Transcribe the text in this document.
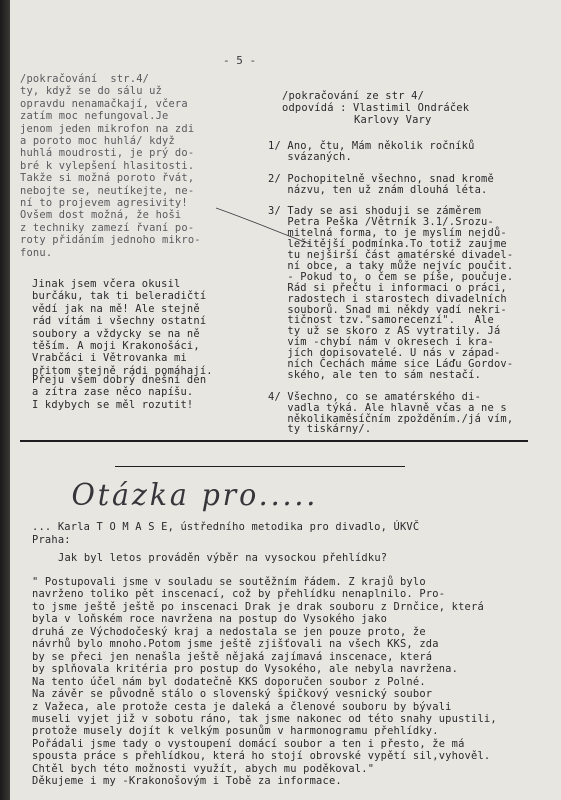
- 5 -
/pokračování  str.4/
ty, když se do sálu už
opravdu nenamačkají, včera
zatím moc nefungoval.Je
jenom jeden mikrofon na zdi
a poroto moc huhlá/ když
huhlá moudrosti, je prý do-
bré k vylepšení hlasitosti.
Takže si možná poroto řvát,
nebojte se, neutíkejte, ne-
ní to projevem agresivity!
Ovšem dost možná, že hoši
z techniky zamezí řvaní po-
roty přidáním jednoho mikro-
fonu.
Jinak jsem včera okusil
burčáku, tak ti beleradičtí
vědí jak na mě! Ale stejně
rád vítám i všechny ostatní
soubory a vždycky se na ně
těším. A moji Krakonošáci,
Vrabčáci i Větrovanka mi
přitom stejně rádi pomáhají.
Přeju všem dobrý dnešní den
a zítra zase něco napíšu.
I kdybych se měl rozutit!
/pokračování ze str 4/
odpovídá : Vlastimil Ondráček
Karlovy Vary
1/ Ano, čtu, Mám několik ročníků
svázaných.
2/ Pochopitelně všechno, snad kromě
názvu, ten už znám dlouhá léta.
3/ Tady se asi shoduji se záměrem
Petra Peška /Větrník 3.1/.Srozu-
mitelná forma, to je myslím nejdů-
ležitější podmínka.To totiž zaujme
tu nejširší část amatérské divadel-
ní obce, a taky může nejvíc poučit.
- Pokud to, o čem se píše, poučuje.
Rád si přečtu i informaci o práci,
radostech i starostech divadelních
souborů. Snad mi někdy vadí nekri-
tičnost tzv."samorecenzí".   Ale
ty už se skoro z AS vytratily. Já
vím -chybí nám v okresech i kra-
jích dopisovatelé. U nás v západ-
ních Čechách máme sice Láďu Gordov-
ského, ale ten to sám nestačí.
4/ Všechno, co se amatérského di-
vadla týká. Ale hlavně včas a ne s
několikaměsíčním zpožděním./já vím,
ty tiskárny/.
Otázka pro.....
... Karla T O M A S E, ústředního metodika pro divadlo, ÚKVČ
Praha:
Jak byl letos prováděn výběr na vysockou přehlídku?
" Postupovali jsme v souladu se soutěžním řádem. Z krajů bylo
navrženo toliko pět inscenací, což by přehlídku nenaplnilo. Pro-
to jsme ještě ještě po inscenaci Drak je drak souboru z Drnčice, která
byla v loňském roce navržena na postup do Vysokého jako
druhá ze Východočeský kraj a nedostala se jen pouze proto, že
návrhů bylo mnoho.Potom jsme ještě zjišťovali na všech KKS, zda
by se přeci jen nenašla ještě nějaká zajímavá inscenace, která
by splňovala kritéria pro postup do Vysokého, ale nebyla navržena.
Na tento účel nám byl dodatečně KKS doporučen soubor z Polné.
Na závěr se původně stálo o slovenský špičkový vesnický soubor
z Važeca, ale protože cesta je daleká a členové souboru by bývali
museli vyjet již v sobotu ráno, tak jsme nakonec od této snahy upustili,
protože musely dojít k velkým posunům v harmonogramu přehlídky.
Pořádali jsme tady o vystoupení domácí soubor a ten i přesto, že má
spousta práce s přehlídkou, která ho stojí obrovské vypětí sil,vyhověl.
Chtěl bych této možnosti využít, abych mu poděkoval."
Děkujeme i my -Krakonošovým i Tobě za informace.
